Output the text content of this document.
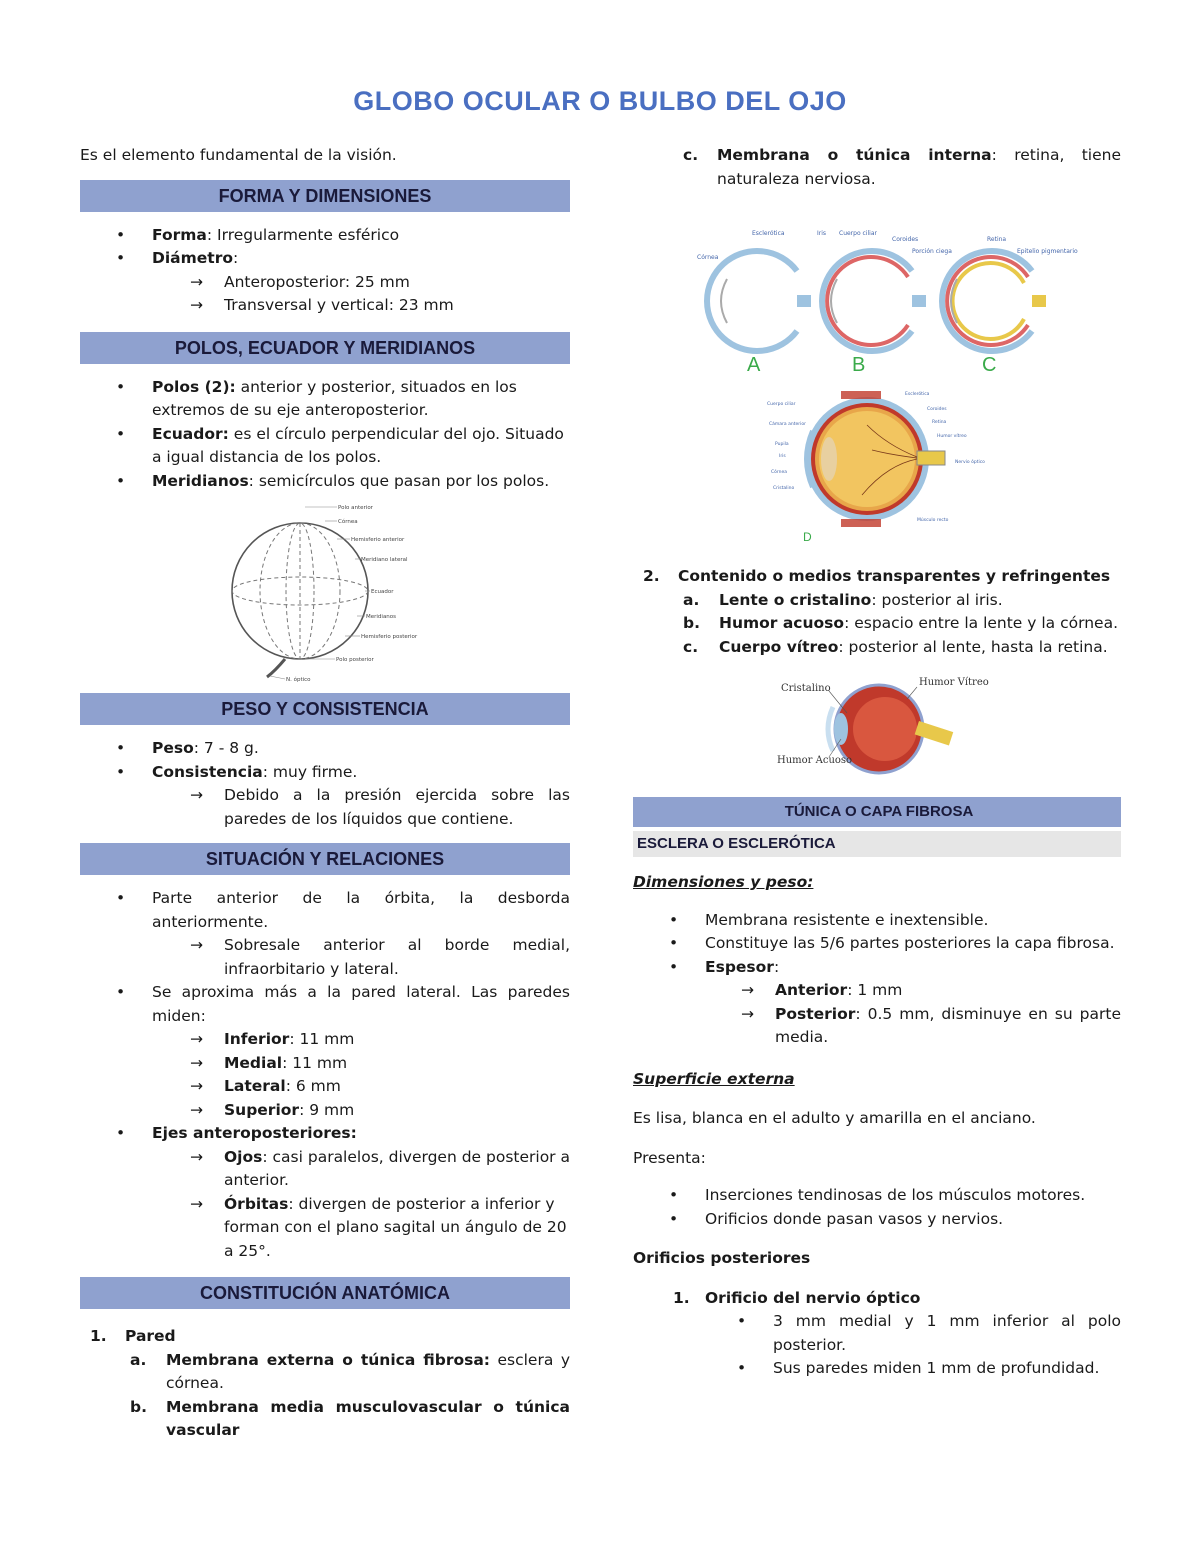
GLOBO OCULAR O BULBO DEL OJO

Es el elemento fundamental de la visión.

FORMA Y DIMENSIONES
• Forma: Irregularmente esférico
• Diámetro:
→ Anteroposterior: 25 mm
→ Transversal y vertical: 23 mm
POLOS, ECUADOR Y MERIDIANOS
• Polos (2): anterior y posterior, situados en los extremos de su eje anteroposterior.
• Ecuador: es el círculo perpendicular del ojo. Situado a igual distancia de los polos.
• Meridianos: semicírculos que pasan por los polos.
Polo anterior
Córnea
Hemisferio anterior
Meridiano lateral
Ecuador
Meridianos
Hemisferio posterior
Polo posterior
N. óptico
PESO Y CONSISTENCIA
• Peso: 7 - 8 g.
• Consistencia: muy firme.
→ Debido a la presión ejercida sobre las paredes de los líquidos que contiene.
SITUACIÓN Y RELACIONES
• Parte anterior de la órbita, la desborda anteriormente.
→ Sobresale anterior al borde medial, infraorbitario y lateral.
• Se aproxima más a la pared lateral. Las paredes miden:
→ Inferior: 11 mm
→ Medial: 11 mm
→ Lateral: 6 mm
→ Superior: 9 mm
• Ejes anteroposteriores:
→ Ojos: casi paralelos, divergen de posterior a anterior.
→ Órbitas: divergen de posterior a inferior y forman con el plano sagital un ángulo de 20 a 25°.
CONSTITUCIÓN ANATÓMICA
1. Pared
a. Membrana externa o túnica fibrosa: esclera y córnea.
b. Membrana media musculovascular o túnica vascular
c. Membrana o túnica interna: retina, tiene naturaleza nerviosa.
Esclerótica
Córnea
Iris Cuerpo ciliar
Coroides
Porción ciega
Retina
Epitelio pigmentario
A	B	C
Esclerótica
Coroides
Retina
Humor vítreo
Nervio óptico
Músculo recto
Cuerpo ciliar
Cámara anterior
Pupila
Iris
Córnea
Cristalino
D
2. Contenido o medios transparentes y refringentes
a. Lente o cristalino: posterior al iris.
b. Humor acuoso: espacio entre la lente y la córnea.
c. Cuerpo vítreo: posterior al lente, hasta la retina.
Cristalino
Humor Vítreo
Humor Acuoso
TÚNICA O CAPA FIBROSA
ESCLERA O ESCLERÓTICA

Dimensiones y peso:

• Membrana resistente e inextensible.
• Constituye las 5/6 partes posteriores la capa fibrosa.
• Espesor:
→ Anterior: 1 mm
→ Posterior: 0.5 mm, disminuye en su parte media.

Superficie externa

Es lisa, blanca en el adulto y amarilla en el anciano.

Presenta:

• Inserciones tendinosas de los músculos motores.
• Orificios donde pasan vasos y nervios.

Orificios posteriores

1. Orificio del nervio óptico
• 3 mm medial y 1 mm inferior al polo posterior.
• Sus paredes miden 1 mm de profundidad.
